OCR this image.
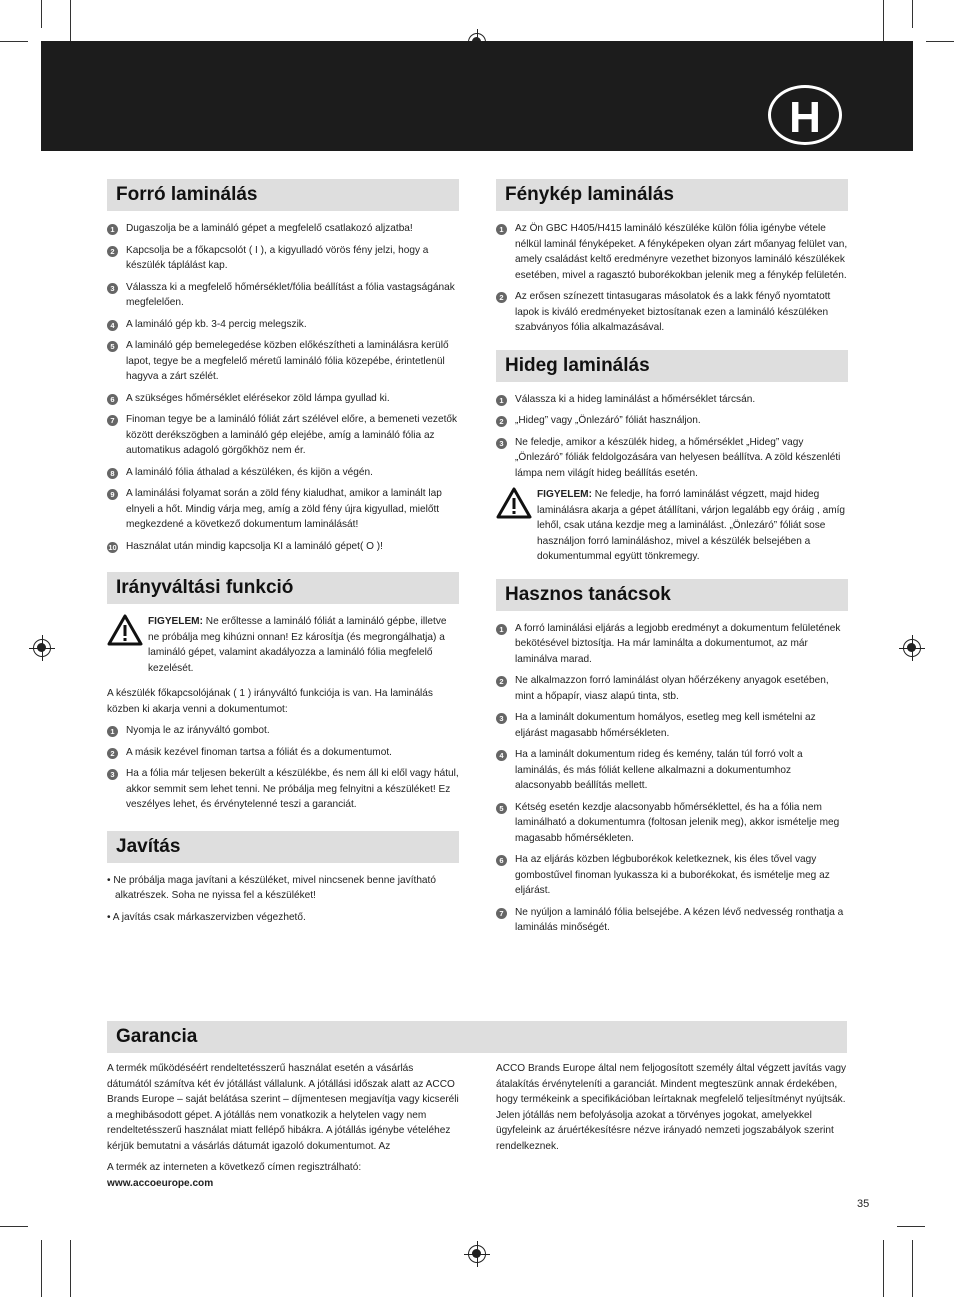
H
Forró laminálás
1	Dugaszolja be a lamináló gépet a megfelelő csatlakozó aljzatba!
2	Kapcsolja be a főkapcsolót ( I ), a kigyulladó vörös fény jelzi, hogy a készülék táplálást kap.
3	Válassza ki a megfelelő hőmérséklet/fólia beállítást a fólia vastagságának megfelelően.
4	A lamináló gép kb. 3-4 percig melegszik.
5	A lamináló gép bemelegedése közben előkészítheti a laminálásra kerülő lapot, tegye be a megfelelő méretű lamináló fólia közepébe, érintetlenül hagyva a zárt szélét.
6	A szükséges hőmérséklet elérésekor zöld lámpa gyullad ki.
7	Finoman tegye be a lamináló fóliát zárt szélével előre, a bemeneti vezetők között derékszögben a lamináló gép elejébe, amíg a lamináló fólia az automatikus adagoló görgőkhöz nem ér.
8	A lamináló fólia áthalad a készüléken, és kijön a végén.
9	A laminálási folyamat során a zöld fény kialudhat, amikor a laminált lap elnyeli a hőt. Mindig várja meg, amíg a zöld fény újra kigyullad, mielőtt megkezdené a következő dokumentum laminálását!
10 Használat után mindig kapcsolja KI a lamináló gépet( O )!
Irányváltási funkció
FIGYELEM: Ne erőltesse a lamináló fóliát a lamináló gépbe, illetve ne próbálja meg kihúzni onnan! Ez károsítja (és megrongálhatja) a lamináló gépet, valamint akadályozza a lamináló fólia megfelelő kezelését.

A készülék főkapcsolójának ( 1 ) irányváltó funkciója is van. Ha laminálás közben ki akarja venni a dokumentumot:

1	Nyomja le az irányváltó gombot.
2	A másik kezével finoman tartsa a fóliát és a dokumentumot.
3	Ha a fólia már teljesen bekerült a készülékbe, és nem áll ki elől vagy hátul, akkor semmit sem lehet tenni. Ne próbálja meg felnyitni a készüléket! Ez veszélyes lehet, és érvénytelenné teszi a garanciát.
Javítás
• Ne próbálja maga javítani a készüléket, mivel nincsenek benne javítható alkatrészek. Soha ne nyissa fel a készüléket!
• A javítás csak márkaszervizben végezhető.
Fénykép laminálás
1	Az Ön GBC H405/H415 lamináló készüléke külön fólia igénybe vétele nélkül laminál fényképeket. A fényképeken olyan zárt mőanyag felület van, amely családást keltő eredményre vezethet bizonyos lamináló készülékek esetében, mivel a ragasztó buborékokban jelenik meg a fénykép felületén.
2	Az erősen színezett tintasugaras másolatok és a lakk fényő nyomtatott lapok is kiváló eredményeket biztosítanak ezen a lamináló készüléken szabványos fólia alkalmazásával.
Hideg laminálás
1	Válassza ki a hideg laminálást a hőmérséklet tárcsán.
2	„Hideg” vagy „Önlezáró” fóliát használjon.
3	Ne feledje, amikor a készülék hideg, a hőmérséklet „Hideg” vagy „Önlezáró” fóliák feldolgozására van helyesen beállítva. A zöld készenléti lámpa nem világít hideg beállítás esetén.
FIGYELEM: Ne feledje, ha forró laminálást végzett, majd hideg laminálásra akarja a gépet átállítani, várjon legalább egy óráig , amíg lehől, csak utána kezdje meg a laminálást. „Önlezáró” fóliát sose használjon forró lamináláshoz, mivel a készülék belsejében a dokumentummal együtt tönkremegy.
Hasznos tanácsok
1	A forró laminálási eljárás a legjobb eredményt a dokumentum felületének bekötésével biztosítja. Ha már laminálta a dokumentumot, az már laminálva marad.
2	Ne alkalmazzon forró laminálást olyan hőérzékeny anyagok esetében, mint a hőpapír, viasz alapú tinta, stb.
3	Ha a laminált dokumentum homályos, esetleg meg kell ismételni az eljárást magasabb hőmérsékleten.
4	Ha a laminált dokumentum rideg és kemény, talán túl forró volt a laminálás, és más fóliát kellene alkalmazni a dokumentumhoz alacsonyabb beállítás mellett.
5	Kétség esetén kezdje alacsonyabb hőmérséklettel, és ha a fólia nem laminálható a dokumentumra (foltosan jelenik meg), akkor ismételje meg magasabb hőmérsékleten.
6	Ha az eljárás közben légbuborékok keletkeznek, kis éles tővel vagy gombostűvel finoman lyukassza ki a buborékokat, és ismételje meg az eljárást.
7	Ne nyúljon a lamináló fólia belsejébe. A kézen lévő nedvesség ronthatja a laminálás minőségét.
Garancia

A termék működéséért rendeltetésszerű használat esetén a vásárlás dátumától számítva két év jótállást vállalunk. A jótállási időszak alatt az ACCO Brands Europe – saját belátása szerint – díjmentesen megjavítja vagy kicseréli a meghibásodott gépet. A jótállás nem vonatkozik a helytelen vagy nem rendeltetésszerű használat miatt fellépő hibákra. A jótállás igénybe vételéhez kérjük bemutatni a vásárlás dátumát igazoló dokumentumot. Az

A termék az interneten a következő címen regisztrálható: www.accoeurope.com

ACCO Brands Europe által nem feljogosított személy által végzett javítás vagy átalakítás érvényteleníti a garanciát. Mindent megteszünk annak érdekében, hogy termékeink a specifikációban leírtaknak megfelelő teljesítményt nyújtsák. Jelen jótállás nem befolyásolja azokat a törvényes jogokat, amelyekkel ügyfeleink az áruértékesítésre nézve irányadó nemzeti jogszabályok szerint rendelkeznek.

35
